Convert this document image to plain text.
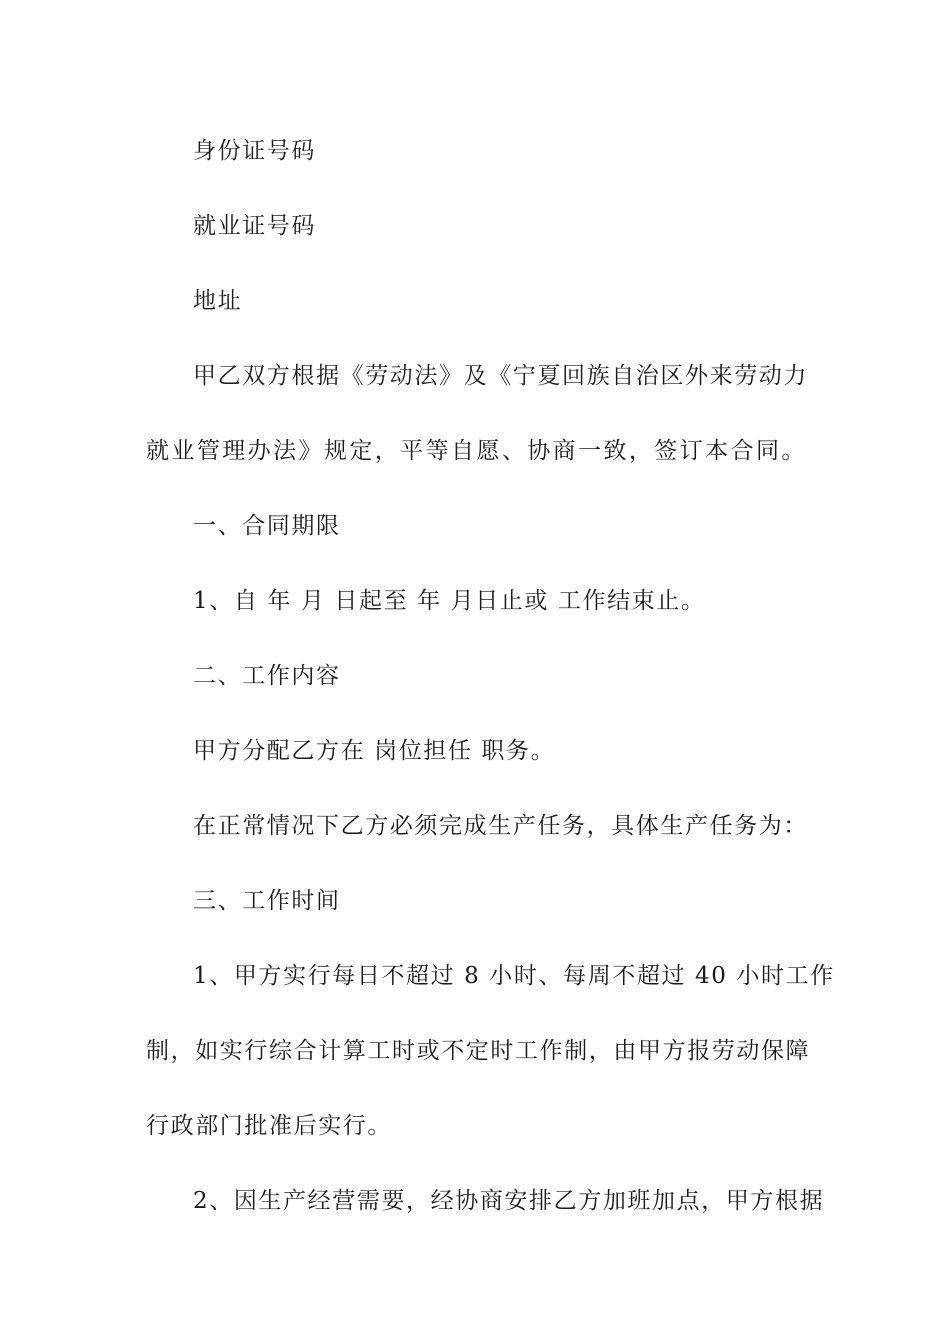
身份证号码
就业证号码
地址
甲乙双方根据《劳动法》及《宁夏回族自治区外来劳动力
就业管理办法》规定，平等自愿、协商一致，签订本合同。
一、合同期限
1、自 年 月 日起至 年 月日止或 工作结束止。
二、工作内容
甲方分配乙方在 岗位担任 职务。
在正常情况下乙方必须完成生产任务，具体生产任务为：
三、工作时间
1、甲方实行每日不超过 8 小时、每周不超过 40 小时工作
制，如实行综合计算工时或不定时工作制，由甲方报劳动保障
行政部门批准后实行。
2、因生产经营需要，经协商安排乙方加班加点，甲方根据
